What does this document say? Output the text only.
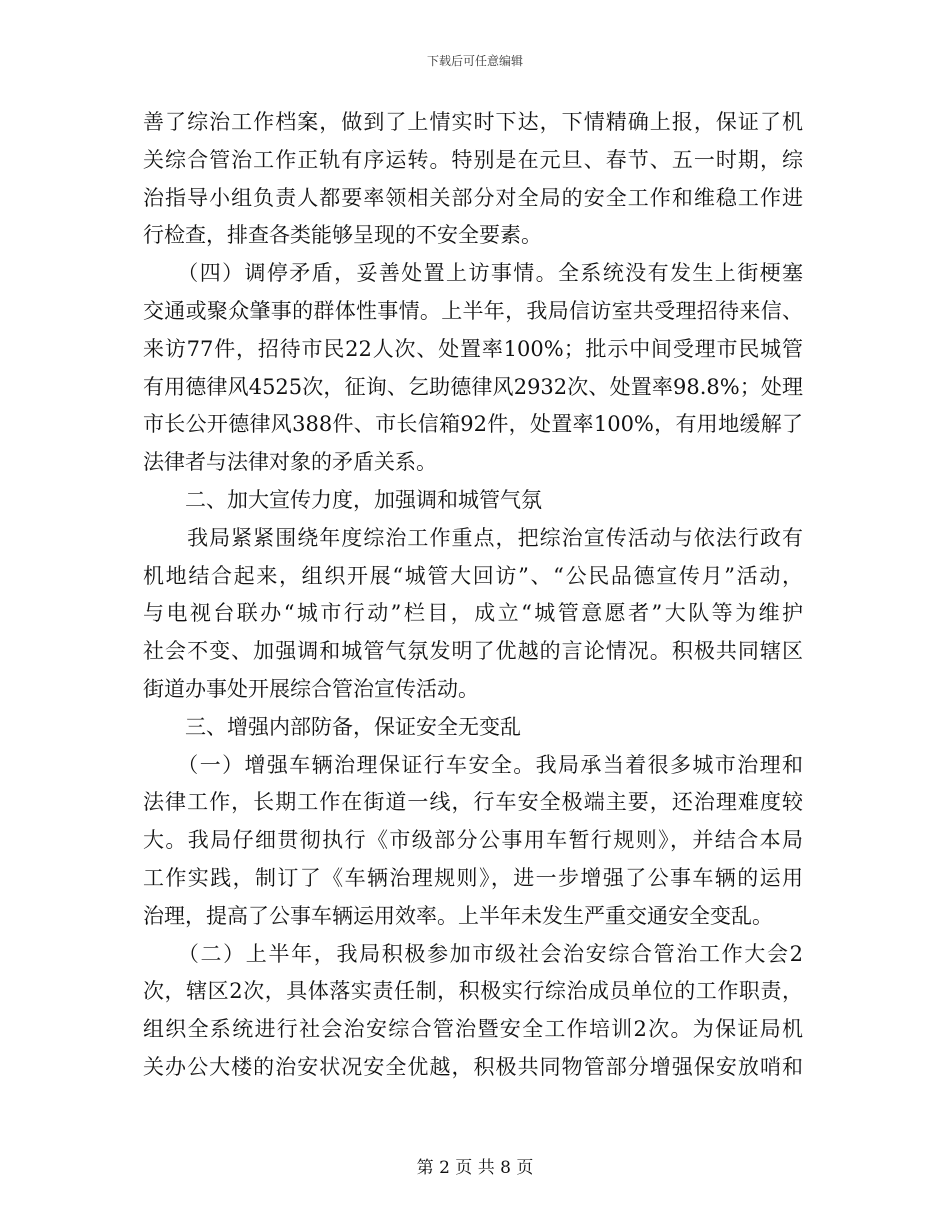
下载后可任意编辑
善了综治工作档案，做到了上情实时下达，下情精确上报，保证了机
关综合管治工作正轨有序运转。特别是在元旦、春节、五一时期，综
治指导小组负责人都要率领相关部分对全局的安全工作和维稳工作进
行检查，排查各类能够呈现的不安全要素。
　　（四）调停矛盾，妥善处置上访事情。全系统没有发生上街梗塞
交通或聚众肇事的群体性事情。上半年，我局信访室共受理招待来信、
来访77件，招待市民22人次、处置率100%；批示中间受理市民城管
有用德律风4525次，征询、乞助德律风2932次、处置率98.8%；处理
市长公开德律风388件、市长信箱92件，处置率100%，有用地缓解了
法律者与法律对象的矛盾关系。
　　二、加大宣传力度，加强调和城管气氛
　　我局紧紧围绕年度综治工作重点，把综治宣传活动与依法行政有
机地结合起来，组织开展“城管大回访”、“公民品德宣传月”活动，
与电视台联办“城市行动”栏目，成立“城管意愿者”大队等为维护
社会不变、加强调和城管气氛发明了优越的言论情况。积极共同辖区
街道办事处开展综合管治宣传活动。
　　三、增强内部防备，保证安全无变乱
　　（一）增强车辆治理保证行车安全。我局承当着很多城市治理和
法律工作，长期工作在街道一线，行车安全极端主要，还治理难度较
大。我局仔细贯彻执行《市级部分公事用车暂行规则》，并结合本局
工作实践，制订了《车辆治理规则》，进一步增强了公事车辆的运用
治理，提高了公事车辆运用效率。上半年未发生严重交通安全变乱。
　　（二）上半年，我局积极参加市级社会治安综合管治工作大会2
次，辖区2次，具体落实责任制，积极实行综治成员单位的工作职责，
组织全系统进行社会治安综合管治暨安全工作培训2次。为保证局机
关办公大楼的治安状况安全优越，积极共同物管部分增强保安放哨和
第 2 页 共 8 页
